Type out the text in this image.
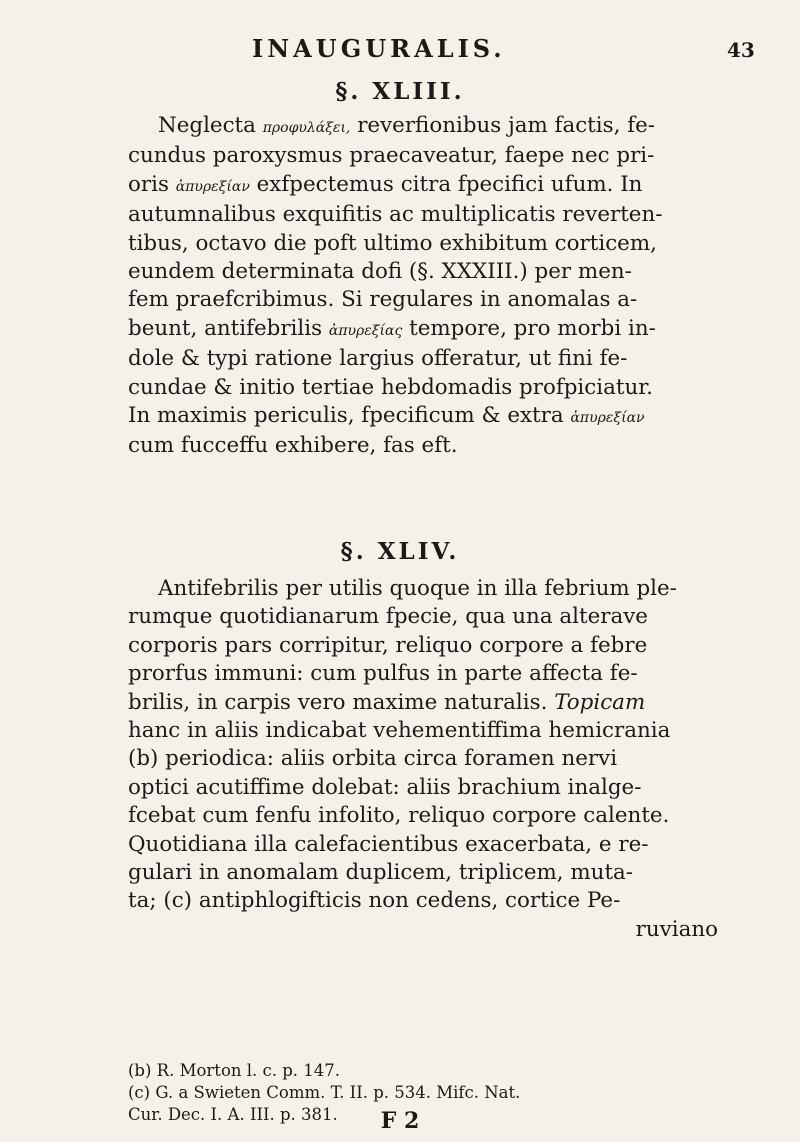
INAUGURALIS.	43
§. XLIII.
Neglecta προφυλάξει, reverfionibus jam factis, fe-
cundus paroxysmus praecaveatur, faepe nec pri-
oris ἀπυρεξίαν exfpectemus citra fpecifici ufum. In
autumnalibus exquifitis ac multiplicatis reverten-
tibus, octavo die poft ultimo exhibitum corticem,
eundem determinata dofi (§. XXXIII.) per men-
fem praefcribimus. Si regulares in anomalas a-
beunt, antifebrilis ἀπυρεξίας tempore, pro morbi in-
dole & typi ratione largius offeratur, ut fini fe-
cundae & initio tertiae hebdomadis profpiciatur.
In maximis periculis, fpecificum & extra ἀπυρεξίαν
cum fucceffu exhibere, fas eft.
§. XLIV.
Antifebrilis per utilis quoque in illa febrium ple-
rumque quotidianarum fpecie, qua una alterave
corporis pars corripitur, reliquo corpore a febre
prorfus immuni: cum pulfus in parte affecta fe-
brilis, in carpis vero maxime naturalis. Topicam
hanc in aliis indicabat vehementiffima hemicrania
(b) periodica: aliis orbita circa foramen nervi
optici acutiffime dolebat: aliis brachium inalge-
fcebat cum fenfu infolito, reliquo corpore calente.
Quotidiana illa calefacientibus exacerbata, e re-
gulari in anomalam duplicem, triplicem, muta-
ta; (c) antiphlogifticis non cedens, cortice Pe-
ruviano
(b) R. Morton l. c. p. 147.
(c) G. a Swieten Comm. T. II. p. 534. Mifc. Nat.
Cur. Dec. I. A. III. p. 381.	F 2
